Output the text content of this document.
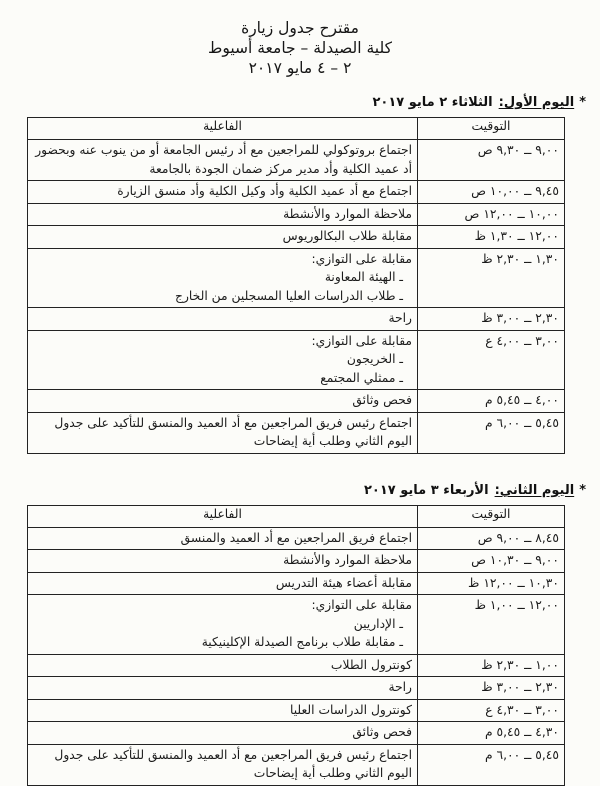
مقترح جدول زيارة
كلية الصيدلة – جامعة أسيوط
٢ – ٤ مايو ٢٠١٧
*اليوم الأول:الثلاثاء ٢ مايو ٢٠١٧
التوقيت	الفاعلية
٩,٠٠ ــ ٩,٣٠ ص	اجتماع بروتوكولي للمراجعين مع أد رئيس الجامعة أو من ينوب عنه وبحضور أد عميد الكلية وأد مدير مركز ضمان الجودة بالجامعة

٩,٤٥ ــ ١٠,٠٠ ص	اجتماع مع أد عميد الكلية وأد وكيل الكلية وأد منسق الزيارة

١٠,٠٠ ــ ١٢,٠٠ ص	ملاحظة الموارد والأنشطة

١٢,٠٠ ــ ١,٣٠ ظ	مقابلة طلاب البكالوريوس

١,٣٠ ــ ٢,٣٠ ظ	مقابلة على التوازي:
ـ الهيئة المعاونة
ـ طلاب الدراسات العليا المسجلين من الخارج

٢,٣٠ ــ ٣,٠٠ ظ	راحة

٣,٠٠ ــ ٤,٠٠ ع	مقابلة على التوازي:
ـ الخريجون
ـ ممثلي المجتمع

٤,٠٠ ــ ٥,٤٥ م	فحص وثائق

٥,٤٥ ــ ٦,٠٠ م	اجتماع رئيس فريق المراجعين مع أد العميد والمنسق للتأكيد على جدول اليوم الثاني وطلب أية إيضاحات
*اليوم الثاني:الأربعاء ٣ مايو ٢٠١٧
التوقيت	الفاعلية
٨,٤٥ ــ ٩,٠٠ ص	اجتماع فريق المراجعين مع أد العميد والمنسق

٩,٠٠ ــ ١٠,٣٠ ص	ملاحظة الموارد والأنشطة

١٠,٣٠ ــ ١٢,٠٠ ظ	مقابلة أعضاء هيئة التدريس

١٢,٠٠ ــ ١,٠٠ ظ	مقابلة على التوازي:
ـ الإداريين
ـ مقابلة طلاب برنامج الصيدلة الإكلينيكية

١,٠٠ ــ ٢,٣٠ ظ	كونترول الطلاب

٢,٣٠ ــ ٣,٠٠ ظ	راحة

٣,٠٠ ــ ٤,٣٠ ع	كونترول الدراسات العليا

٤,٣٠ ــ ٥,٤٥ م	فحص وثائق

٥,٤٥ ــ ٦,٠٠ م	اجتماع رئيس فريق المراجعين مع أد العميد والمنسق للتأكيد على جدول اليوم الثاني وطلب أية إيضاحات
